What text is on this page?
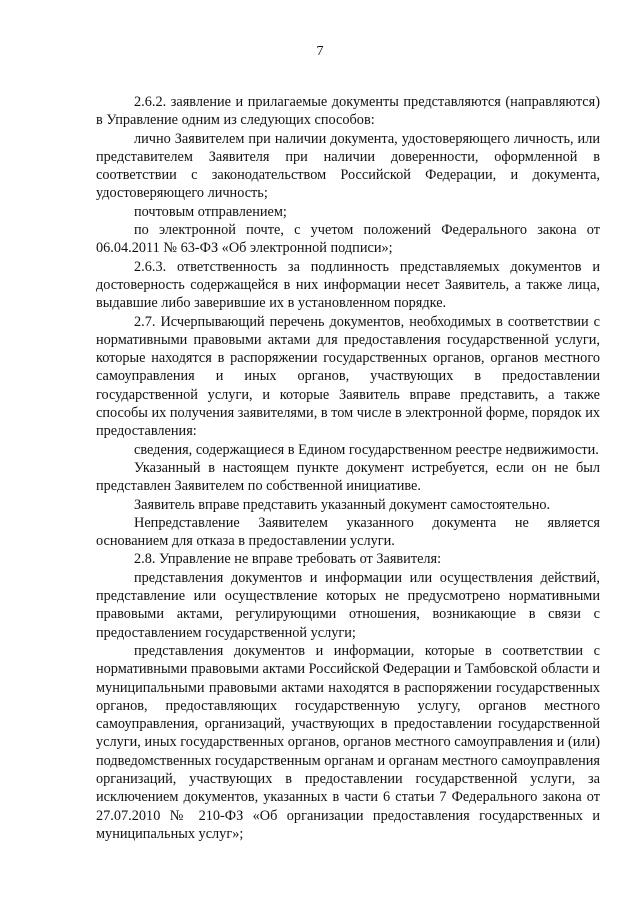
7

2.6.2. заявление и прилагаемые документы представляются (направляются) в Управление одним из следующих способов:

лично Заявителем при наличии документа, удостоверяющего личность, или представителем Заявителя при наличии доверенности, оформленной в соответствии с законодательством Российской Федерации, и документа, удостоверяющего личность;

почтовым отправлением;

по электронной почте, с учетом положений Федерального закона от 06.04.2011 № 63-ФЗ «Об электронной подписи»;

2.6.3. ответственность за подлинность представляемых документов и достоверность содержащейся в них информации несет Заявитель, а также лица, выдавшие либо заверившие их в установленном порядке.

2.7. Исчерпывающий перечень документов, необходимых в соответствии с нормативными правовыми актами для предоставления государственной услуги, которые находятся в распоряжении государственных органов, органов местного самоуправления и иных органов, участвующих в предоставлении государственной услуги, и которые Заявитель вправе представить, а также способы их получения заявителями, в том числе в электронной форме, порядок их предоставления:

сведения, содержащиеся в Едином государственном реестре недвижимости.

Указанный в настоящем пункте документ истребуется, если он не был представлен Заявителем по собственной инициативе.

Заявитель вправе представить указанный документ самостоятельно.

Непредставление Заявителем указанного документа не является основанием для отказа в предоставлении услуги.

2.8. Управление не вправе требовать от Заявителя:

представления документов и информации или осуществления действий, представление или осуществление которых не предусмотрено нормативными правовыми актами, регулирующими отношения, возникающие в связи с предоставлением государственной услуги;

представления документов и информации, которые в соответствии с нормативными правовыми актами Российской Федерации и Тамбовской области и муниципальными правовыми актами находятся в распоряжении государственных органов, предоставляющих государственную услугу, органов местного самоуправления, организаций, участвующих в предоставлении государственной услуги, иных государственных органов, органов местного самоуправления и (или) подведомственных государственным органам и органам местного самоуправления организаций, участвующих в предоставлении государственной услуги, за исключением документов, указанных в части 6 статьи 7 Федерального закона от 27.07.2010 № 210-ФЗ «Об организации предоставления государственных и муниципальных услуг»;
